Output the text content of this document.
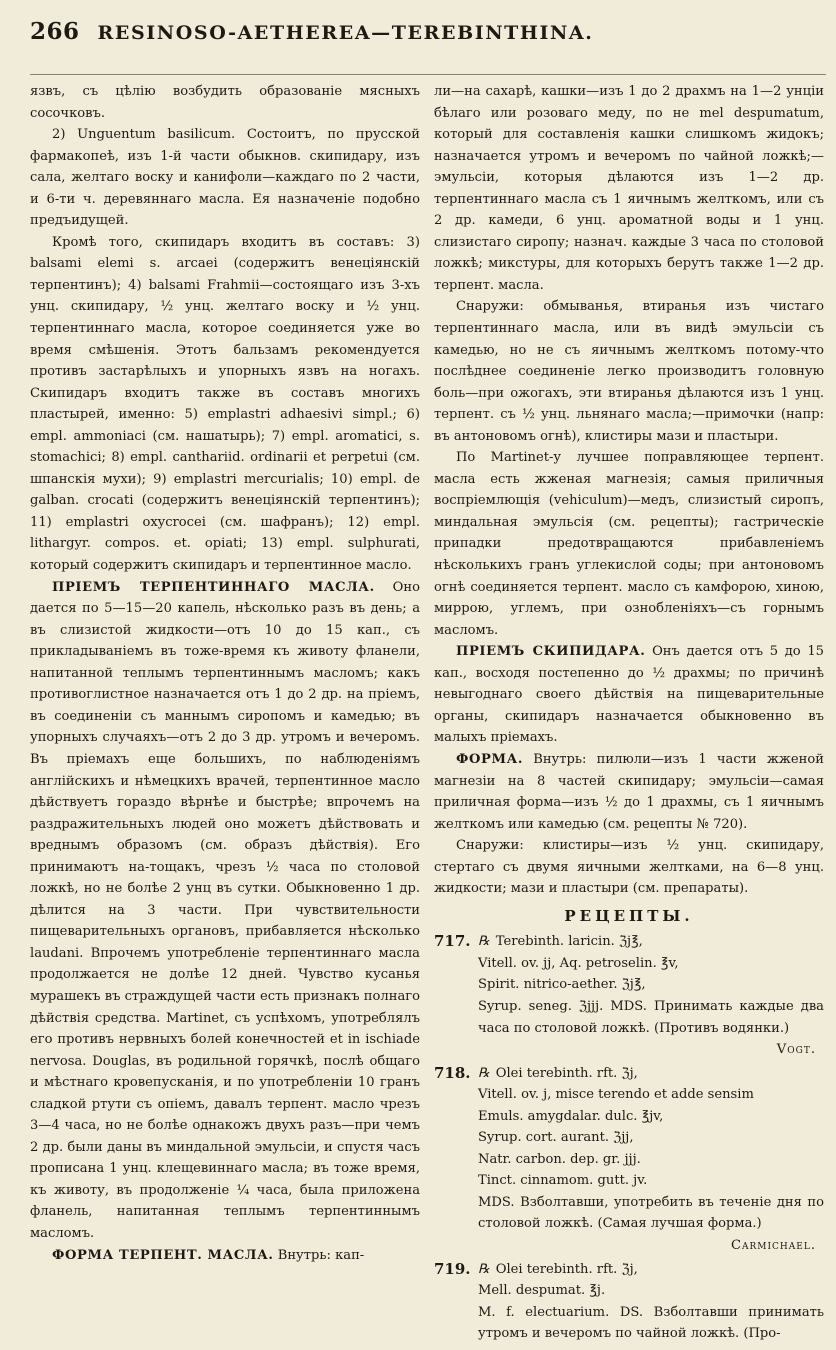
266 RESINOSO-AETHEREA—TEREBINTHINA.

язвъ, съ цѣлію возбудить образованіе мясныхъ сосочковъ.

2) Unguentum basilicum. Состоитъ, по прусской фармакопеѣ, изъ 1-й части обыкнов. скипидару, изъ сала, желтаго воску и канифоли—каждаго по 2 части, и 6-ти ч. деревяннаго масла. Ея назначеніе подобно предъидущей.

Кромѣ того, скипидаръ входитъ въ составъ: 3) balsami elemi s. arcaei (содержитъ венеціянскій терпентинъ); 4) balsami Frahmii—состоящаго изъ 3-хъ унц. скипидару, ½ унц. желтаго воску и ½ унц. терпентиннаго масла, которое соединяется уже во время смѣшенія. Этотъ бальзамъ рекомендуется противъ застарѣлыхъ и упорныхъ язвъ на ногахъ. Скипидаръ входитъ также въ составъ многихъ пластырей, именно: 5) emplastri adhaesivi simpl.; 6) empl. ammoniaci (см. нашатырь); 7) empl. aromatici, s. stomachici; 8) empl. canthariid. ordinarii et perpetui (см. шпанскія мухи); 9) emplastri mercurialis; 10) empl. de galban. crocati (содержитъ венеціянскій терпентинъ); 11) emplastri oxycrocei (см. шафранъ); 12) empl. lithargyr. compos. et. opiati; 13) empl. sulphurati, который содержитъ скипидаръ и терпентинное масло.

ПРІЕМЪ ТЕРПЕНТИННАГО МАСЛА. Оно дается по 5—15—20 капель, нѣсколько разъ въ день; а въ слизистой жидкости—отъ 10 до 15 кап., съ прикладываніемъ въ тоже-время къ животу фланели, напитанной теплымъ терпентиннымъ масломъ; какъ противоглистное назначается отъ 1 до 2 др. на пріемъ, въ соединеніи съ маннымъ сиропомъ и камедью; въ упорныхъ случаяхъ—отъ 2 до 3 др. утромъ и вечеромъ. Въ пріемахъ еще большихъ, по наблюденіямъ англійскихъ и нѣмецкихъ врачей, терпентинное масло дѣйствуетъ гораздо вѣрнѣе и быстрѣе; впрочемъ на раздражительныхъ людей оно можетъ дѣйствовать и вреднымъ образомъ (см. образъ дѣйствія). Его принимаютъ на-тощакъ, чрезъ ½ часа по столовой ложкѣ, но не болѣе 2 унц въ сутки. Обыкновенно 1 др. дѣлится на 3 части. При чувствительности пищеварительныхъ органовъ, прибавляется нѣсколько laudani. Впрочемъ употребленіе терпентиннаго масла продолжается не долѣе 12 дней. Чувство кусанья мурашекъ въ страждущей части есть признакъ полнаго дѣйствія средства. Martinet, съ успѣхомъ, употреблялъ его противъ нервныхъ болей конечностей et in ischiade nervosa. Douglas, въ родильной горячкѣ, послѣ общаго и мѣстнаго кровепусканія, и по употребленіи 10 гранъ сладкой ртути съ опіемъ, давалъ терпент. масло чрезъ 3—4 часа, но не болѣе однакожъ двухъ разъ—при чемъ 2 др. были даны въ миндальной эмульсіи, и спустя часъ прописана 1 унц. клещевиннаго масла; въ тоже время, къ животу, въ продолженіе ¼ часа, была приложена фланель, напитанная теплымъ терпентиннымъ масломъ.

ФОРМА ТЕРПЕНТ. МАСЛА. Внутрь: кап-

ли—на сахарѣ, кашки—изъ 1 до 2 драхмъ на 1—2 унціи бѣлаго или розоваго меду, по не mel despumatum, который для составленія кашки слишкомъ жидокъ; назначается утромъ и вечеромъ по чайной ложкѣ;—эмульсіи, которыя дѣлаются изъ 1—2 др. терпентиннаго масла съ 1 яичнымъ желткомъ, или съ 2 др. камеди, 6 унц. ароматной воды и 1 унц. слизистаго сиропу; назнач. каждые 3 часа по столовой ложкѣ; микстуры, для которыхъ берутъ также 1—2 др. терпент. масла.

Снаружи: обмыванья, втиранья изъ чистаго терпентиннаго масла, или въ видѣ эмульсіи съ камедью, но не съ яичнымъ желткомъ потому-что послѣднее соединеніе легко производитъ головную боль—при ожогахъ, эти втиранья дѣлаются изъ 1 унц. терпент. съ ½ унц. льнянаго масла;—примочки (напр: въ антоновомъ огнѣ), клистиры мази и пластыри.

По Martinet-у лучшее поправляющее терпент. масла есть жженая магнезія; самыя приличныя воспріемлющія (vehiculum)—медъ, слизистый сиропъ, миндальная эмульсія (см. рецепты); гастрическіе припадки предотвращаются прибавленіемъ нѣсколькихъ гранъ углекислой соды; при антоновомъ огнѣ соединяется терпент. масло съ камфорою, хиною, миррою, углемъ, при ознобленіяхъ—съ горнымъ масломъ.

ПРІЕМЪ СКИПИДАРА. Онъ дается отъ 5 до 15 кап., восходя постепенно до ½ драхмы; по причинѣ невыгоднаго своего дѣйствія на пищеварительные органы, скипидаръ назначается обыкновенно въ малыхъ пріемахъ.

ФОРМА. Внутрь: пилюли—изъ 1 части жженой магнезіи на 8 частей скипидару; эмульсіи—самая приличная форма—изъ ½ до 1 драхмы, съ 1 яичнымъ желткомъ или камедью (см. рецепты № 720).

Снаружи: клистиры—изъ ½ унц. скипидару, стертаго съ двумя яичными желтками, на 6—8 унц. жидкости; мази и пластыри (см. препараты).

РЕЦЕПТЫ.
717. ℞ Terebinth. laricin. ℨj℥,
Vitell. ov. jj, Aq. petroselin. ℥v,
Spirit. nitrico-aether. ℨj℥,
Syrup. seneg. ℨjjj. MDS. Принимать каждые два часа по столовой ложкѣ. (Противъ водянки.)
Vogt.
718. ℞ Olei terebinth. rft. ℨj,
Vitell. ov. j, misce terendo et adde sensim
Emuls. amygdalar. dulc. ℥jv,
Syrup. cort. aurant. ℨjj,
Natr. carbon. dep. gr. jjj.
Tinct. cinnamom. gutt. jv.
MDS. Взболтавши, употребить въ теченіе дня по столовой ложкѣ. (Самая лучшая форма.)
Carmichael.
719. ℞ Olei terebinth. rft. ℨj,
Mell. despumat. ℥j.
M. f. electuarium. DS. Взболтавши принимать утромъ и вечеромъ по чайной ложкѣ. (Про-
